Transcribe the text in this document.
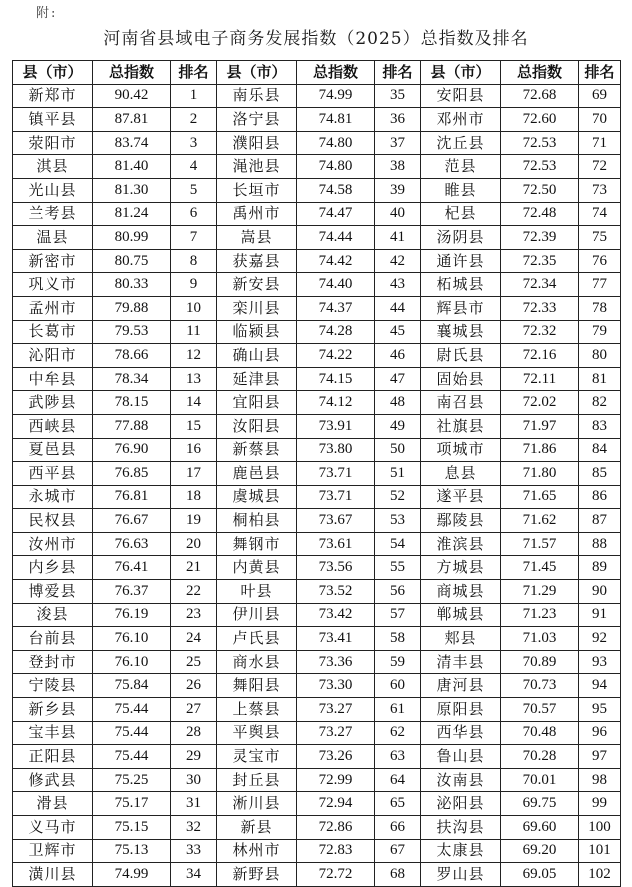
附:
河南省县域电子商务发展指数（2025）总指数及排名
县（市）	总指数	排名	县（市）	总指数	排名	县（市）	总指数	排名
新郑市	90.42	1	南乐县	74.99	35	安阳县	72.68	69
镇平县	87.81	2	洛宁县	74.81	36	邓州市	72.60	70
荥阳市	83.74	3	濮阳县	74.80	37	沈丘县	72.53	71
淇县	81.40	4	渑池县	74.80	38	范县	72.53	72
光山县	81.30	5	长垣市	74.58	39	睢县	72.50	73
兰考县	81.24	6	禹州市	74.47	40	杞县	72.48	74
温县	80.99	7	嵩县	74.44	41	汤阴县	72.39	75
新密市	80.75	8	获嘉县	74.42	42	通许县	72.35	76
巩义市	80.33	9	新安县	74.40	43	柘城县	72.34	77
孟州市	79.88	10	栾川县	74.37	44	辉县市	72.33	78
长葛市	79.53	11	临颍县	74.28	45	襄城县	72.32	79
沁阳市	78.66	12	确山县	74.22	46	尉氏县	72.16	80
中牟县	78.34	13	延津县	74.15	47	固始县	72.11	81
武陟县	78.15	14	宜阳县	74.12	48	南召县	72.02	82
西峡县	77.88	15	汝阳县	73.91	49	社旗县	71.97	83
夏邑县	76.90	16	新蔡县	73.80	50	项城市	71.86	84
西平县	76.85	17	鹿邑县	73.71	51	息县	71.80	85
永城市	76.81	18	虞城县	73.71	52	遂平县	71.65	86
民权县	76.67	19	桐柏县	73.67	53	鄢陵县	71.62	87
汝州市	76.63	20	舞钢市	73.61	54	淮滨县	71.57	88
内乡县	76.41	21	内黄县	73.56	55	方城县	71.45	89
博爱县	76.37	22	叶县	73.52	56	商城县	71.29	90
浚县	76.19	23	伊川县	73.42	57	郸城县	71.23	91
台前县	76.10	24	卢氏县	73.41	58	郏县	71.03	92
登封市	76.10	25	商水县	73.36	59	清丰县	70.89	93
宁陵县	75.84	26	舞阳县	73.30	60	唐河县	70.73	94
新乡县	75.44	27	上蔡县	73.27	61	原阳县	70.57	95
宝丰县	75.44	28	平舆县	73.27	62	西华县	70.48	96
正阳县	75.44	29	灵宝市	73.26	63	鲁山县	70.28	97
修武县	75.25	30	封丘县	72.99	64	汝南县	70.01	98
滑县	75.17	31	淅川县	72.94	65	泌阳县	69.75	99
义马市	75.15	32	新县	72.86	66	扶沟县	69.60	100
卫辉市	75.13	33	林州市	72.83	67	太康县	69.20	101
潢川县	74.99	34	新野县	72.72	68	罗山县	69.05	102
